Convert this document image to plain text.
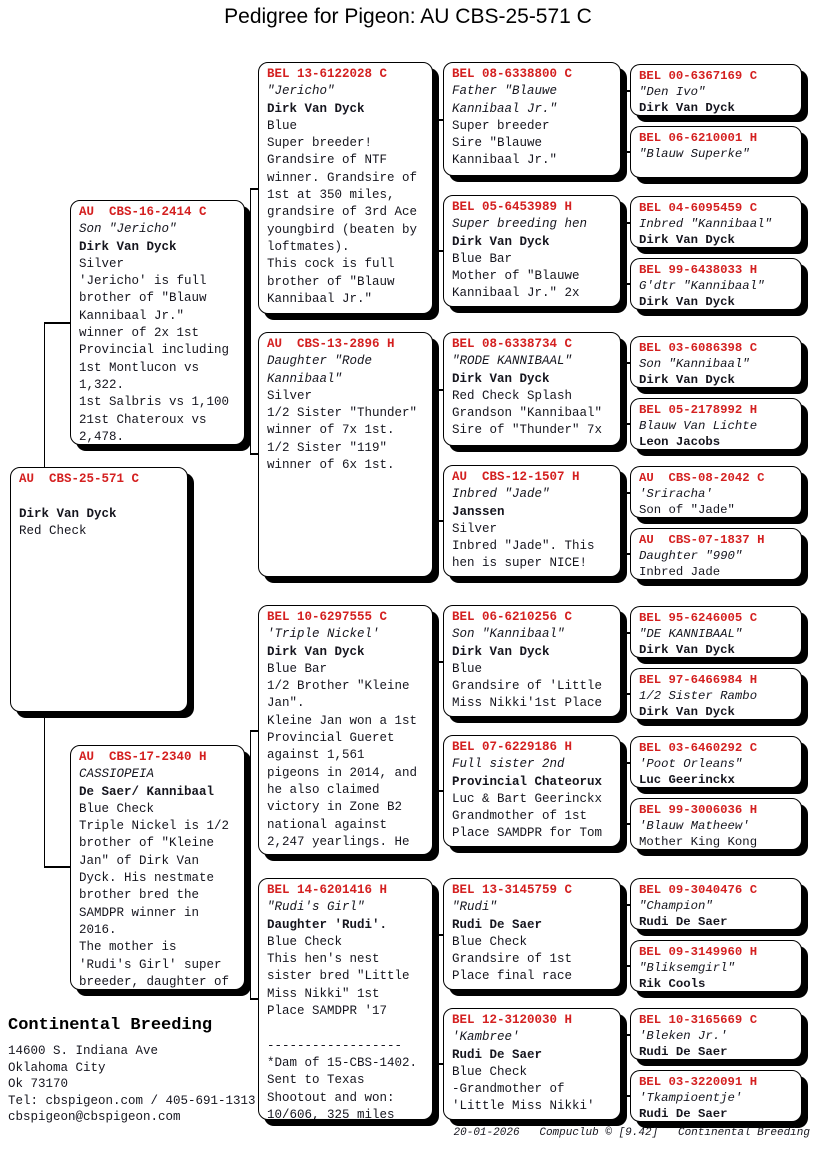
Pedigree for Pigeon: AU CBS-25-571 C
AU  CBS-25-571 C

Dirk Van Dyck
Red Check
AU  CBS-16-2414 C
Son "Jericho"
Dirk Van Dyck
Silver
'Jericho' is full
brother of "Blauw
Kannibaal Jr."
winner of 2x 1st
Provincial including
1st Montlucon vs
1,322.
1st Salbris vs 1,100
21st Chateroux vs
2,478.
AU  CBS-17-2340 H
CASSIOPEIA
De Saer/ Kannibaal
Blue Check
Triple Nickel is 1/2
brother of "Kleine
Jan" of Dirk Van
Dyck. His nestmate
brother bred the
SAMDPR winner in
2016.
The mother is
'Rudi's Girl' super
breeder, daughter of
BEL 13-6122028 C
"Jericho"
Dirk Van Dyck
Blue
Super breeder!
Grandsire of NTF
winner. Grandsire of
1st at 350 miles,
grandsire of 3rd Ace
youngbird (beaten by
loftmates).
This cock is full
brother of "Blauw
Kannibaal Jr."
AU  CBS-13-2896 H
Daughter "Rode
Kannibaal"
Silver
1/2 Sister "Thunder"
winner of 7x 1st.
1/2 Sister "119"
winner of 6x 1st.
BEL 10-6297555 C
'Triple Nickel'
Dirk Van Dyck
Blue Bar
1/2 Brother "Kleine
Jan".
Kleine Jan won a 1st
Provincial Gueret
against 1,561
pigeons in 2014, and
he also claimed
victory in Zone B2
national against
2,247 yearlings. He
BEL 14-6201416 H
"Rudi's Girl"
Daughter 'Rudi'.
Blue Check
This hen's nest
sister bred "Little
Miss Nikki" 1st
Place SAMDPR '17

------------------
*Dam of 15-CBS-1402.
Sent to Texas
Shootout and won:
10/606, 325 miles
BEL 08-6338800 C
Father "Blauwe
Kannibaal Jr."
Super breeder
Sire "Blauwe
Kannibaal Jr."
BEL 05-6453989 H
Super breeding hen
Dirk Van Dyck
Blue Bar
Mother of "Blauwe
Kannibaal Jr." 2x
BEL 08-6338734 C
"RODE KANNIBAAL"
Dirk Van Dyck
Red Check Splash
Grandson "Kannibaal"
Sire of "Thunder" 7x
AU  CBS-12-1507 H
Inbred "Jade"
Janssen
Silver
Inbred "Jade". This
hen is super NICE!
BEL 06-6210256 C
Son "Kannibaal"
Dirk Van Dyck
Blue
Grandsire of 'Little
Miss Nikki'1st Place
BEL 07-6229186 H
Full sister 2nd
Provincial Chateorux
Luc & Bart Geerinckx
Grandmother of 1st
Place SAMDPR for Tom
BEL 13-3145759 C
"Rudi"
Rudi De Saer
Blue Check
Grandsire of 1st
Place final race
BEL 12-3120030 H
'Kambree'
Rudi De Saer
Blue Check
-Grandmother of
'Little Miss Nikki'
BEL 00-6367169 C
"Den Ivo"
Dirk Van Dyck
BEL 06-6210001 H
"Blauw Superke"
BEL 04-6095459 C
Inbred "Kannibaal"
Dirk Van Dyck
BEL 99-6438033 H
G'dtr "Kannibaal"
Dirk Van Dyck
BEL 03-6086398 C
Son "Kannibaal"
Dirk Van Dyck
BEL 05-2178992 H
Blauw Van Lichte
Leon Jacobs
AU  CBS-08-2042 C
'Sriracha'
Son of "Jade"
AU  CBS-07-1837 H
Daughter "990"
Inbred Jade
BEL 95-6246005 C
"DE KANNIBAAL"
Dirk Van Dyck
BEL 97-6466984 H
1/2 Sister Rambo
Dirk Van Dyck
BEL 03-6460292 C
'Poot Orleans"
Luc Geerinckx
BEL 99-3006036 H
'Blauw Matheew'
Mother King Kong
BEL 09-3040476 C
"Champion"
Rudi De Saer
BEL 09-3149960 H
"Bliksemgirl"
Rik Cools
BEL 10-3165669 C
'Bleken Jr.'
Rudi De Saer
BEL 03-3220091 H
'Tkampioentje'
Rudi De Saer
Continental Breeding
14600 S. Indiana Ave
Oklahoma City
Ok 73170
Tel: cbspigeon.com / 405-691-1313
cbspigeon@cbspigeon.com
20-01-2026   Compuclub © [9.42]   Continental Breeding
